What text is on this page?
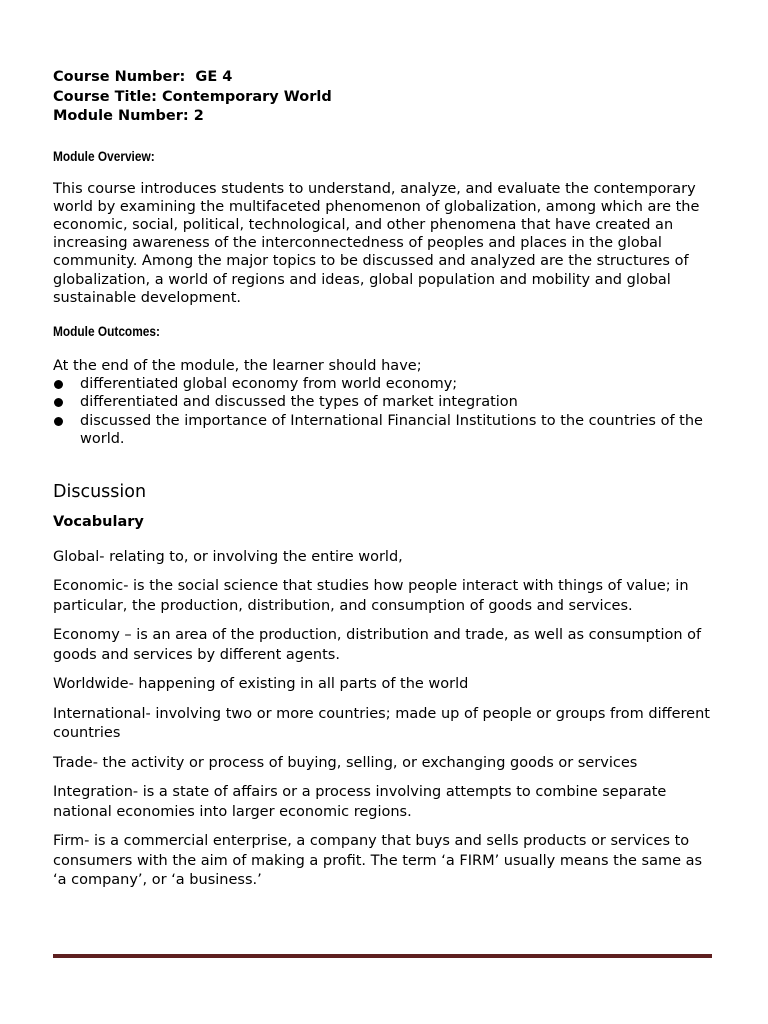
Course Number:  GE 4

Course Title: Contemporary World

Module Number: 2

Module Overview:

This course introduces students to understand, analyze, and evaluate the contemporary world by examining the multifaceted phenomenon of globalization, among which are the economic, social, political, technological, and other phenomena that have created an increasing awareness of the interconnectedness of peoples and places in the global community. Among the major topics to be discussed and analyzed are the structures of globalization, a world of regions and ideas, global population and mobility and global sustainable development.

Module Outcomes:

At the end of the module, the learner should have;

differentiated global economy from world economy;
differentiated and discussed the types of market integration
discussed the importance of International Financial Institutions to the countries of the world.

Discussion

Vocabulary

Global- relating to, or involving the entire world,

Economic- is the social science that studies how people interact with things of value; in particular, the production, distribution, and consumption of goods and services.

Economy – is an area of the production, distribution and trade, as well as consumption of goods and services by different agents.

Worldwide- happening of existing in all parts of the world

International- involving two or more countries; made up of people or groups from different countries

Trade- the activity or process of buying, selling, or exchanging goods or services

Integration- is a state of affairs or a process involving attempts to combine separate national economies into larger economic regions.

Firm- is a commercial enterprise, a company that buys and sells products or services to consumers with the aim of making a profit. The term ‘a FIRM’ usually means the same as ‘a company’, or ‘a business.’
